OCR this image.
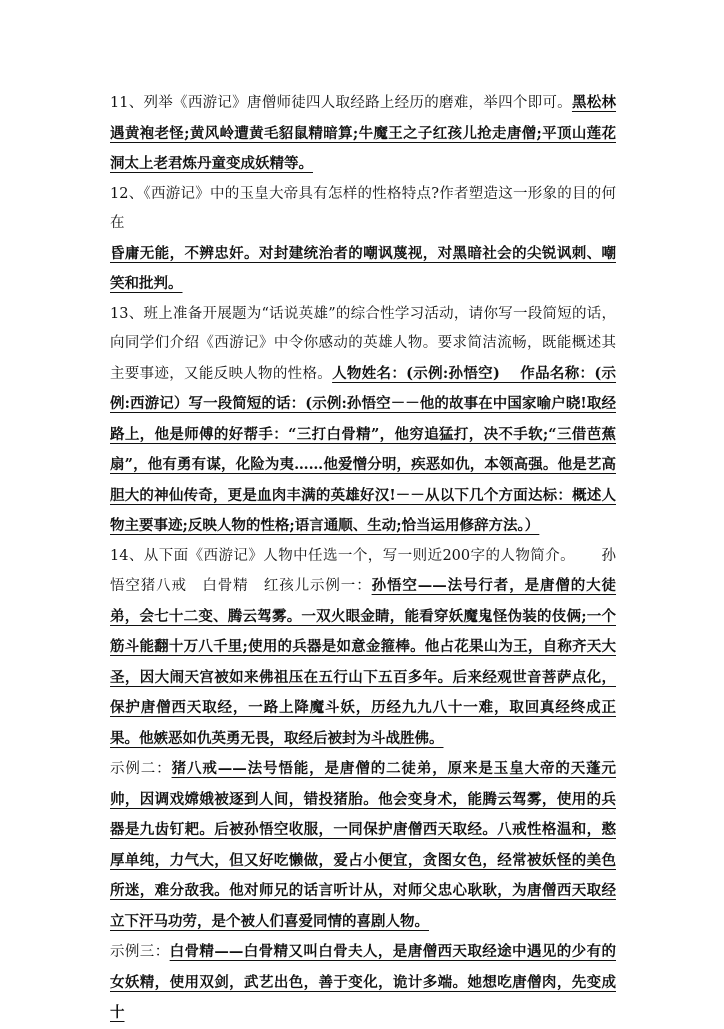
11、列举《西游记》唐僧师徒四人取经路上经历的磨难，举四个即可。黑松林遇黄袍老怪;黄风岭遭黄毛貂鼠精暗算;牛魔王之子红孩儿抢走唐僧;平顶山莲花洞太上老君炼丹童变成妖精等。

12、《西游记》中的玉皇大帝具有怎样的性格特点?作者塑造这一形象的目的何在
昏庸无能，不辨忠奸。对封建统治者的嘲讽蔑视，对黑暗社会的尖锐讽刺、嘲笑和批判。

13、班上准备开展题为“话说英雄”的综合性学习活动，请你写一段简短的话，向同学们介绍《西游记》中令你感动的英雄人物。要求简洁流畅，既能概述其主要事迹，又能反映人物的性格。人物姓名：(示例:孙悟空)　 作品名称：(示例:西游记）写一段简短的话：(示例:孙悟空－－他的故事在中国家喻户晓!取经路上，他是师傅的好帮手：“三打白骨精”，他穷追猛打，决不手软;“三借芭蕉扇”，他有勇有谋，化险为夷……他爱憎分明，疾恶如仇，本领高强。他是艺高胆大的神仙传奇，更是血肉丰满的英雄好汉!－－从以下几个方面达标：概述人物主要事迹;反映人物的性格;语言通顺、生动;恰当运用修辞方法。）

14、从下面《西游记》人物中任选一个，写一则近200字的人物简介。 孙悟空猪八戒　白骨精　红孩儿示例一：孙悟空——法号行者，是唐僧的大徒弟，会七十二变、腾云驾雾。一双火眼金睛，能看穿妖魔鬼怪伪装的伎俩;一个筋斗能翻十万八千里;使用的兵器是如意金箍棒。他占花果山为王，自称齐天大圣，因大闹天宫被如来佛祖压在五行山下五百多年。后来经观世音菩萨点化，保护唐僧西天取经，一路上降魔斗妖，历经九九八十一难，取回真经终成正果。他嫉恶如仇英勇无畏，取经后被封为斗战胜佛。

示例二：猪八戒——法号悟能，是唐僧的二徒弟，原来是玉皇大帝的天蓬元帅，因调戏嫦娥被逐到人间，错投猪胎。他会变身术，能腾云驾雾，使用的兵器是九齿钉耙。后被孙悟空收服，一同保护唐僧西天取经。八戒性格温和，憨厚单纯，力气大，但又好吃懒做，爱占小便宜，贪图女色，经常被妖怪的美色所迷，难分敌我。他对师兄的话言听计从，对师父忠心耿耿，为唐僧西天取经立下汗马功劳，是个被人们喜爱同情的喜剧人物。

示例三：白骨精——白骨精又叫白骨夫人，是唐僧西天取经途中遇见的少有的女妖精，使用双剑，武艺出色，善于变化，诡计多端。她想吃唐僧肉，先变成十
